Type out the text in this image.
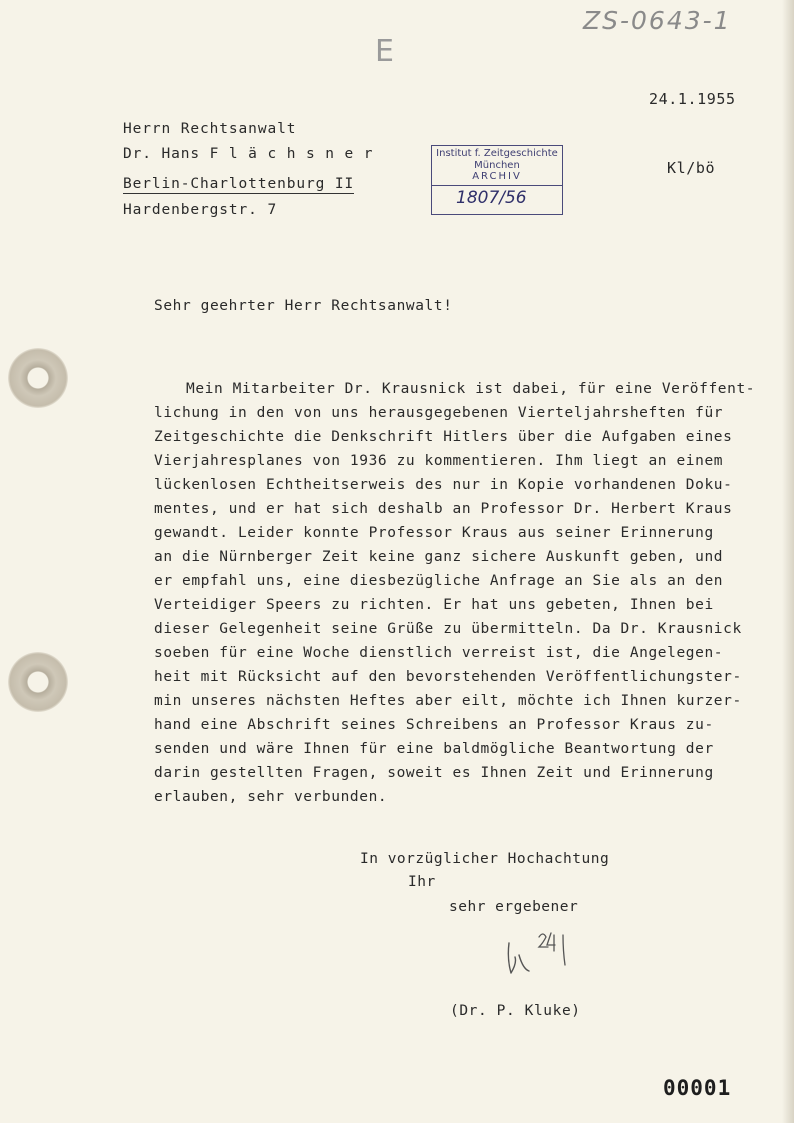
ZS-0643-1
E
24.1.1955
Herrn Rechtsanwalt
Dr. Hans F l ä c h s n e r
Berlin-Charlottenburg II
Hardenbergstr. 7
Institut f. Zeitgeschichte
München
ARCHIV
1807/56
Kl/bö
Sehr geehrter Herr Rechtsanwalt!
Mein Mitarbeiter Dr. Krausnick ist dabei, für eine Veröffent-
lichung in den von uns herausgegebenen Vierteljahrsheften für
Zeitgeschichte die Denkschrift Hitlers über die Aufgaben eines
Vierjahresplanes von 1936 zu kommentieren. Ihm liegt an einem
lückenlosen Echtheitserweis des nur in Kopie vorhandenen Doku-
mentes, und er hat sich deshalb an Professor Dr. Herbert Kraus
gewandt. Leider konnte Professor Kraus aus seiner Erinnerung
an die Nürnberger Zeit keine ganz sichere Auskunft geben, und
er empfahl uns, eine diesbezügliche Anfrage an Sie als an den
Verteidiger Speers zu richten. Er hat uns gebeten, Ihnen bei
dieser Gelegenheit seine Grüße zu übermitteln. Da Dr. Krausnick
soeben für eine Woche dienstlich verreist ist, die Angelegen-
heit mit Rücksicht auf den bevorstehenden Veröffentlichungster-
min unseres nächsten Heftes aber eilt, möchte ich Ihnen kurzer-
hand eine Abschrift seines Schreibens an Professor Kraus zu-
senden und wäre Ihnen für eine baldmögliche Beantwortung der
darin gestellten Fragen, soweit es Ihnen Zeit und Erinnerung
erlauben, sehr verbunden.
In vorzüglicher Hochachtung
Ihr
sehr ergebener
(Dr. P. Kluke)
00001
